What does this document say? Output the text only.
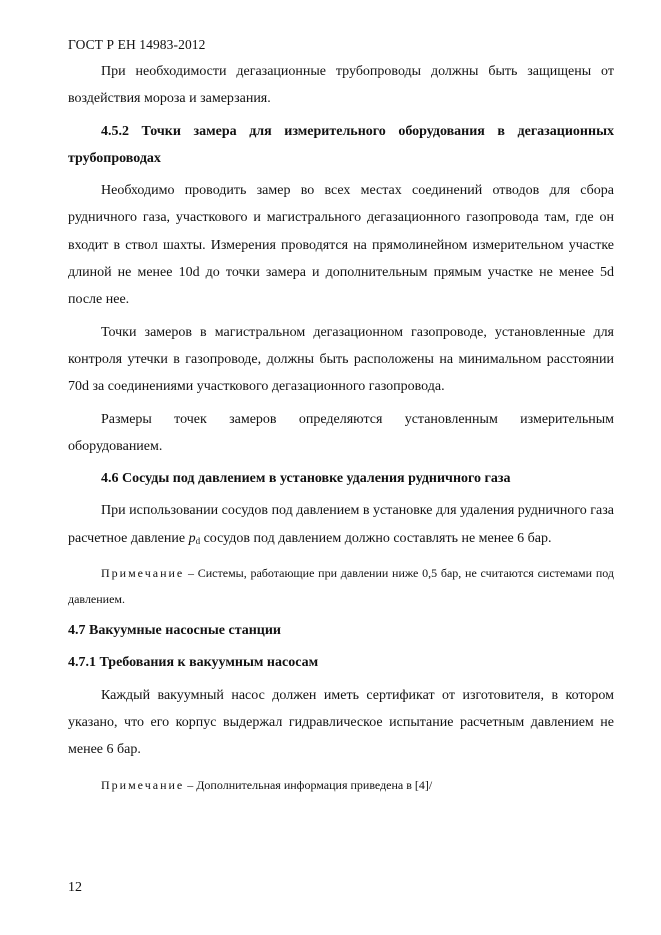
ГОСТ Р ЕН 14983-2012

При необходимости дегазационные трубопроводы должны быть защищены от воздействия мороза и замерзания.

4.5.2 Точки замера для измерительного оборудования в дегазационных трубопроводах

Необходимо проводить замер во всех местах соединений отводов для сбора рудничного газа, участкового и магистрального дегазационного газопровода там, где он входит в ствол шахты. Измерения проводятся на прямолинейном измерительном участке длиной не менее 10d до точки замера и дополнительным прямым участке не менее 5d после нее.

Точки замеров в магистральном дегазационном газопроводе, установленные для контроля утечки в газопроводе, должны быть расположены на минимальном расстоянии 70d за соединениями участкового дегазационного газопровода.

Размеры точек замеров определяются установленным измерительным оборудованием.

4.6 Сосуды под давлением в установке удаления рудничного газа

При использовании сосудов под давлением в установке для удаления рудничного газа расчетное давление $p_d$ сосудов под давлением должно составлять не менее 6 бар.

Примечание – Системы, работающие при давлении ниже 0,5 бар, не считаются системами под давлением.

4.7 Вакуумные насосные станции

4.7.1 Требования к вакуумным насосам

Каждый вакуумный насос должен иметь сертификат от изготовителя, в котором указано, что его корпус выдержал гидравлическое испытание расчетным давлением не менее 6 бар.

Примечание – Дополнительная информация приведена в [4]/

12
